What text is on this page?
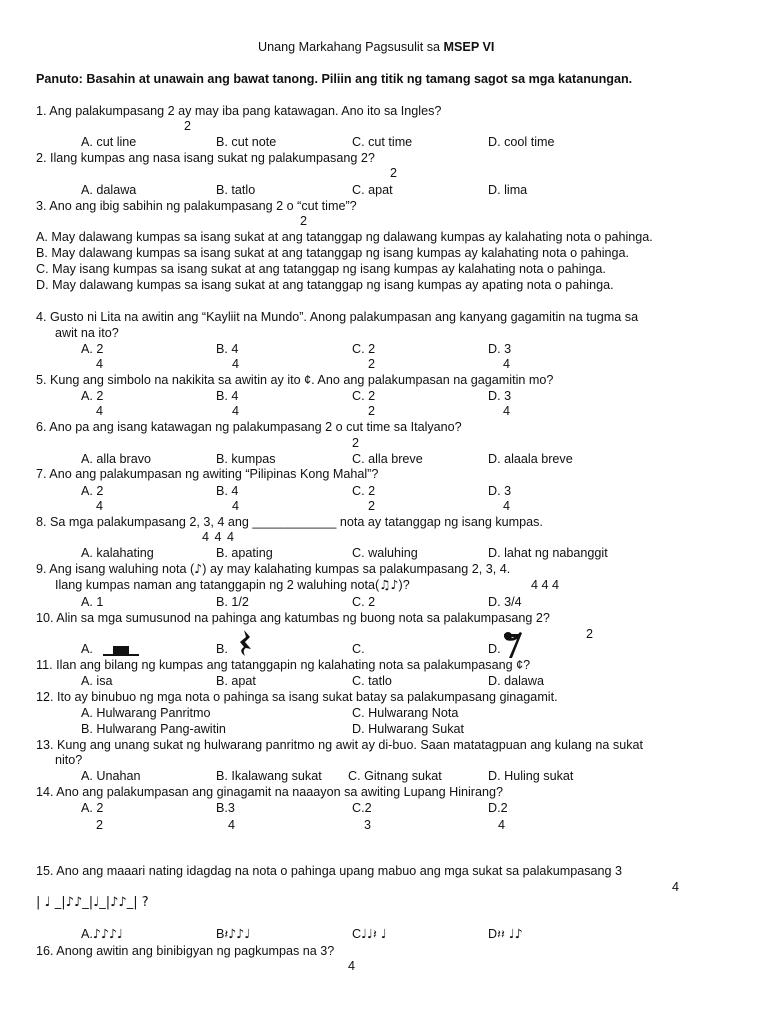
Unang Markahang Pagsusulit sa MSEP VI
Panuto: Basahin at unawain ang bawat tanong. Piliin ang titik ng tamang sagot sa mga katanungan.
1. Ang palakumpasang 2 ay may iba pang katawagan. Ano ito sa Ingles?
2
A. cut line	B. cut note	C. cut time	D. cool time
2. Ilang kumpas ang nasa isang sukat ng palakumpasang 2?
2
A. dalawa	B. tatlo	C. apat	D. lima
3. Ano ang ibig sabihin ng palakumpasang 2 o “cut time”?
2
A. May dalawang kumpas sa isang sukat at ang tatanggap ng dalawang kumpas ay kalahating nota o pahinga.
B. May dalawang kumpas sa isang sukat at ang tatanggap ng isang kumpas ay kalahating nota o pahinga.
C. May isang kumpas sa isang sukat at ang tatanggap ng isang kumpas ay kalahating nota o pahinga.
D. May dalawang kumpas sa isang sukat at ang tatanggap ng isang kumpas ay apating nota o pahinga.
4. Gusto ni Lita na awitin ang “Kayliit na Mundo”. Anong palakumpasan ang kanyang gagamitin na tugma sa
awit na ito?
A. 2	B. 4	C. 2	D. 3
4	4	2	4
5. Kung ang simbolo na nakikita sa awitin ay ito ¢. Ano ang palakumpasan na gagamitin mo?
A. 2	B. 4	C. 2	D. 3
4	4	2	4
6. Ano pa ang isang katawagan ng palakumpasang 2 o cut time sa Italyano?
2
A. alla bravo	B. kumpas	C. alla breve	D. alaala breve
7. Ano ang palakumpasan ng awiting “Pilipinas Kong Mahal”?
A. 2	B. 4	C. 2	D. 3
4	4	2	4
8. Sa mga palakumpasang 2, 3, 4 ang ____________ nota ay tatanggap ng isang kumpas.
4 4 4
A. kalahating	B. apating	C. waluhing	D. lahat ng nabanggit
9. Ang isang waluhing nota (♪) ay may kalahating kumpas sa palakumpasang 2, 3, 4.
Ilang kumpas naman ang tatanggapin ng 2 waluhing nota(♫♪)?	4 4 4
A. 1	B. 1/2	C. 2	D. 3/4
10. Alin sa mga sumusunod na pahinga ang katumbas ng buong nota sa palakumpasang 2?
2
A.	B.	C.	D.
11. Ilan ang bilang ng kumpas ang tatanggapin ng kalahating nota sa palakumpasang ¢?
A. isa	B. apat	C. tatlo	D. dalawa
12. Ito ay binubuo ng mga nota o pahinga sa isang sukat batay sa palakumpasang ginagamit.
A. Hulwarang Panritmo	C. Hulwarang Nota
B. Hulwarang Pang-awitin	D. Hulwarang Sukat
13. Kung ang unang sukat ng hulwarang panritmo ng awit ay di-buo. Saan matatagpuan ang kulang na sukat
nito?
A. Unahan	B. Ikalawang sukat C. Gitnang sukat	D. Huling sukat
14. Ano ang palakumpasan ang ginagamit na naaayon sa awiting Lupang Hinirang?
A. 2	B.3	C.2	D.2
2	4	3	4
15. Ano ang maaari nating idagdag na nota o pahinga upang mabuo ang mga sukat sa palakumpasang 3
4
| ♩ _|♪♪_|♩_|♪♪_| ?
A.♪♪♪♩	B𝄽♪♪♩	C♩♩𝄽 ♩	D𝄽𝄽 ♩♪
16. Anong awitin ang binibigyan ng pagkumpas na 3?
4
